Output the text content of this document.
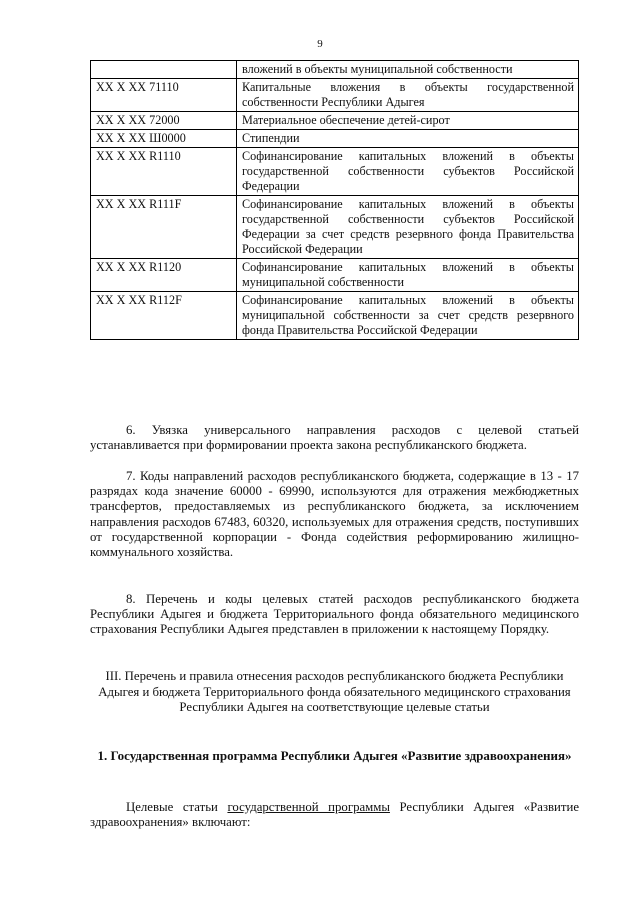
9
	вложений в объекты муниципальной собственности
XX X XX 71110	Капитальные вложения в объекты государственной собственности Республики Адыгея
XX X XX 72000	Материальное обеспечение детей-сирот
XX X XX Ш0000	Стипендии
XX X XX R1110	Софинансирование капитальных вложений в объекты государственной собственности субъектов Российской Федерации
XX X XX R111F	Софинансирование капитальных вложений в объекты государственной собственности субъектов Российской Федерации за счет средств резервного фонда Правительства Российской Федерации
XX X XX R1120	Софинансирование капитальных вложений в объекты муниципальной собственности
XX X XX R112F	Софинансирование капитальных вложений в объекты муниципальной собственности за счет средств резервного фонда Правительства Российской Федерации

6. Увязка универсального направления расходов с целевой статьей устанавливается при формировании проекта закона республиканского бюджета.

7. Коды направлений расходов республиканского бюджета, содержащие в 13 - 17 разрядах кода значение 60000 - 69990, используются для отражения межбюджетных трансфертов, предоставляемых из республиканского бюджета, за исключением направления расходов 67483, 60320, используемых для отражения средств, поступивших от государственной корпорации - Фонда содействия реформированию жилищно-коммунального хозяйства.

8. Перечень и коды целевых статей расходов республиканского бюджета Республики Адыгея и бюджета Территориального фонда обязательного медицинского страхования Республики Адыгея представлен в приложении к настоящему Порядку.

III. Перечень и правила отнесения расходов республиканского бюджета Республики Адыгея и бюджета Территориального фонда обязательного медицинского страхования Республики Адыгея на соответствующие целевые статьи

1. Государственная программа Республики Адыгея «Развитие здравоохранения»

Целевые статьи государственной программы Республики Адыгея «Развитие здравоохранения» включают:
